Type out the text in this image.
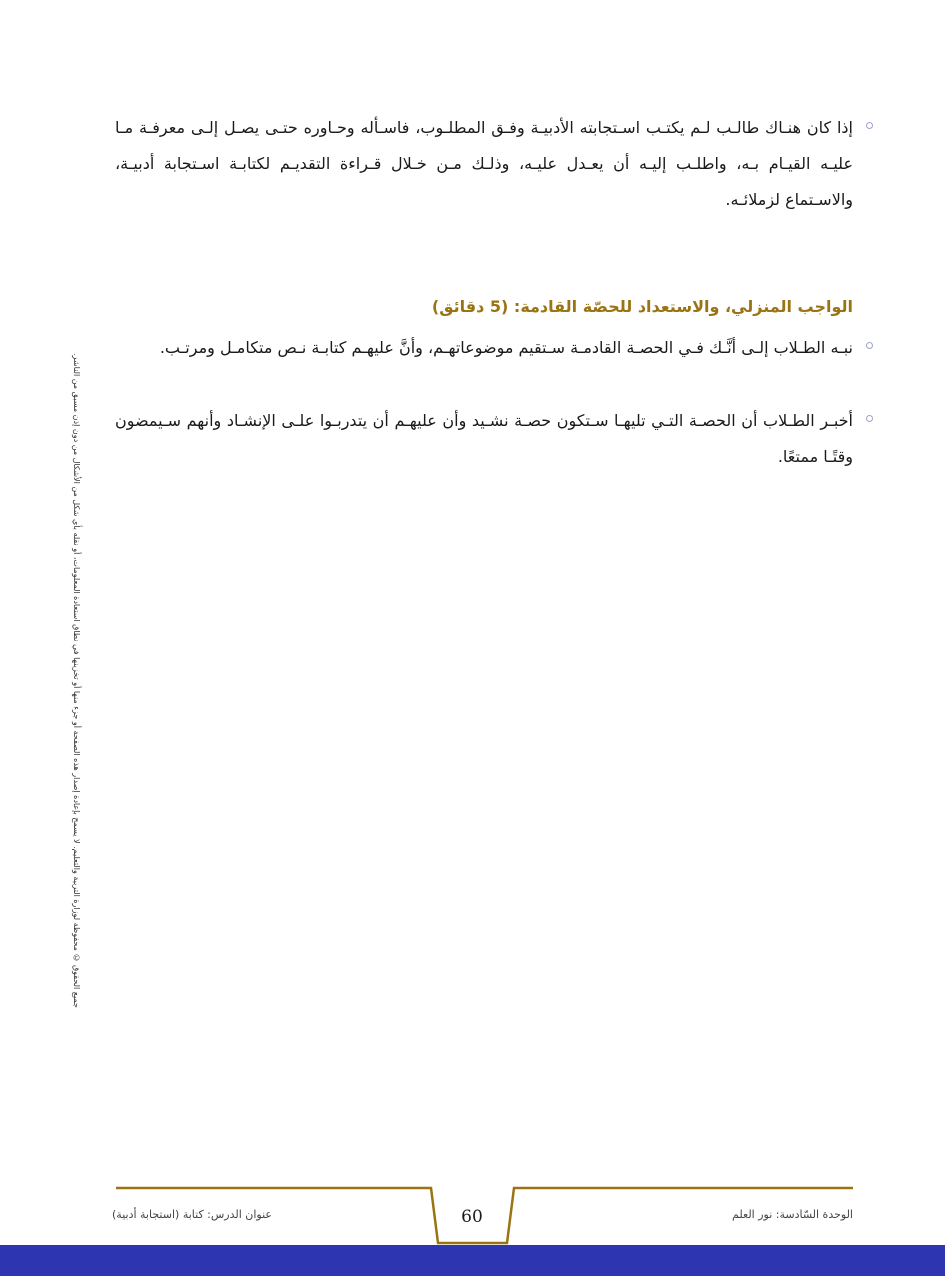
إذا كان هنـاك طالـب لـم يكتـب اسـتجابته الأدبيـة وفـق المطلـوب، فاسـأله وحـاوره حتـى يصـل إلـى معرفـة مـا عليـه القيـام بـه، واطلـب إليـه أن يعـدل عليـه، وذلـك مـن خـلال قـراءة التقديـم لكتابـة اسـتجابة أدبيـة، والاسـتماع لزملائـه.
الواجب المنزلي، والاستعداد للحصّة القادمة: (5 دقائق)
نبـه الطـلاب إلـى أنَّـك فـي الحصـة القادمـة سـتقيم موضوعاتهـم، وأنَّ عليهـم كتابـة نـص متكامـل ومرتـب.
أخبـر الطـلاب أن الحصـة التـي تليهـا سـتكون حصـة نشـيد وأن عليهـم أن يتدربـوا علـى الإنشـاد وأنهم سـيمضون وقتًـا ممتعًا.
جميع الحقوق © محفوظة لوزارة التربية والتعليم. لا يسمح بإعادة إصدار هذه الصفحة أو جزء منها أو تخزينها في نطاق استعادة المعلومات، أو نقله بأي شكل من الأشكال من دون إذن مسبق من الناشر.
عنوان الدرس: كتابة (استجابة أدبية)	60	الوحدة السّادسة: نور العلم
